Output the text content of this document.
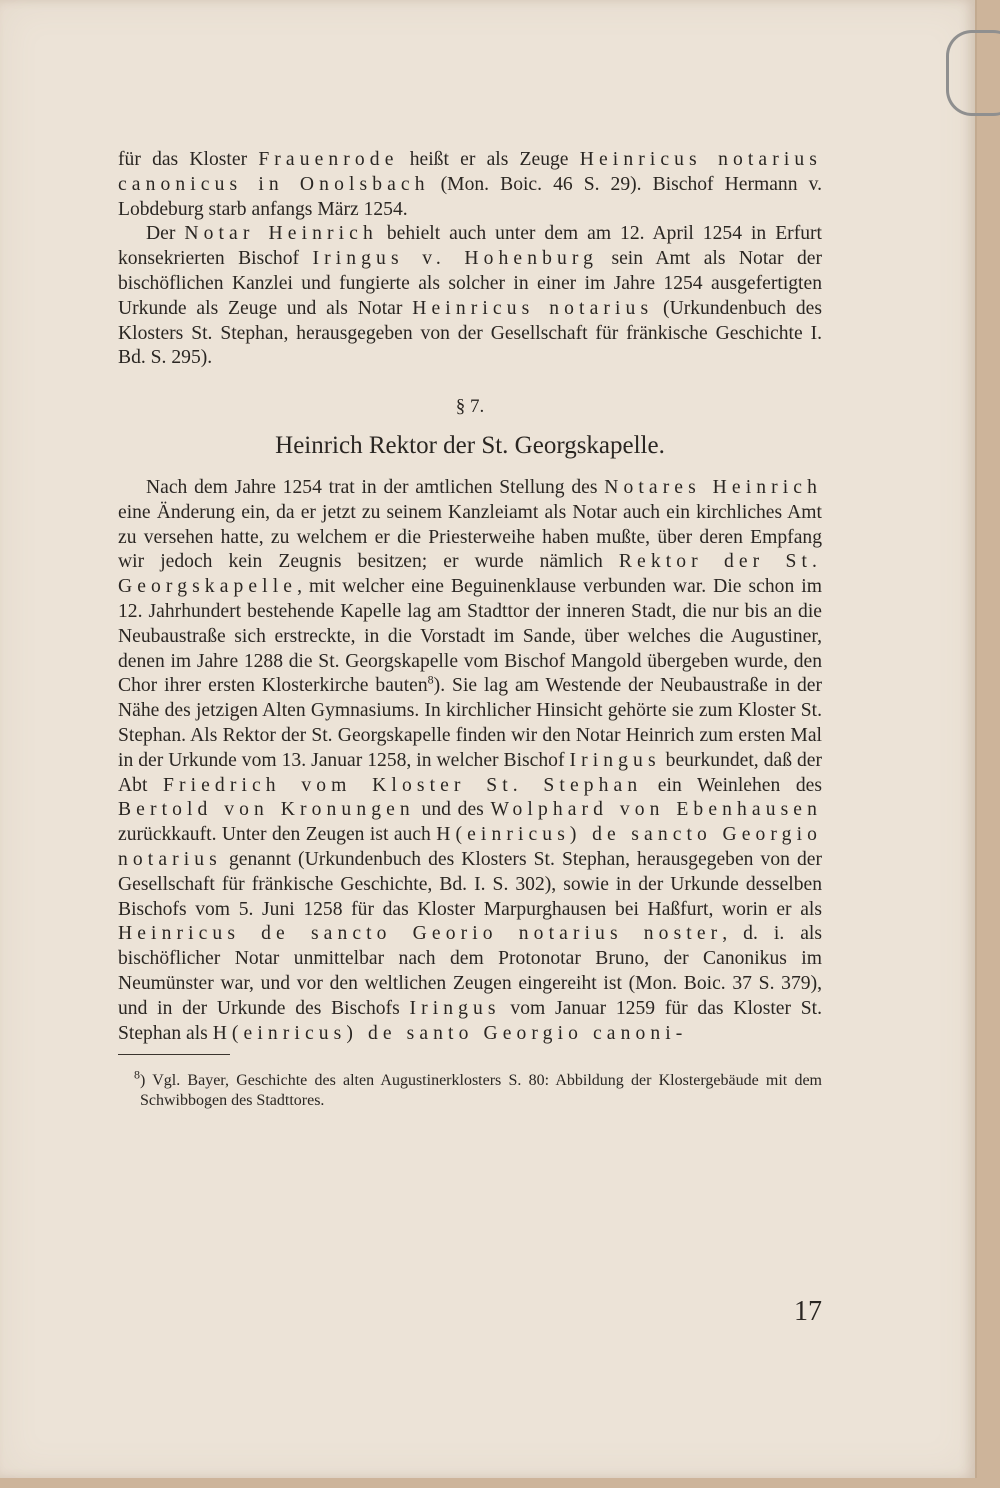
für das Kloster Frauenrode heißt er als Zeuge Heinricus notarius canonicus in Onolsbach (Mon. Boic. 46 S. 29). Bischof Hermann v. Lobdeburg starb anfangs März 1254.

Der Notar Heinrich behielt auch unter dem am 12. April 1254 in Erfurt konsekrierten Bischof Iringus v. Hohenburg sein Amt als Notar der bischöflichen Kanzlei und fungierte als solcher in einer im Jahre 1254 ausgefertigten Urkunde als Zeuge und als Notar Heinricus notarius (Urkundenbuch des Klosters St. Stephan, herausgegeben von der Gesellschaft für fränkische Geschichte I. Bd. S. 295).

§ 7.
Heinrich Rektor der St. Georgskapelle.

Nach dem Jahre 1254 trat in der amtlichen Stellung des Notares Heinrich eine Änderung ein, da er jetzt zu seinem Kanzleiamt als Notar auch ein kirchliches Amt zu versehen hatte, zu welchem er die Priesterweihe haben mußte, über deren Empfang wir jedoch kein Zeugnis besitzen; er wurde nämlich Rektor der St. Georgskapelle, mit welcher eine Beguinenklause verbunden war. Die schon im 12. Jahrhundert bestehende Kapelle lag am Stadttor der inneren Stadt, die nur bis an die Neubaustraße sich erstreckte, in die Vorstadt im Sande, über welches die Augustiner, denen im Jahre 1288 die St. Georgskapelle vom Bischof Mangold übergeben wurde, den Chor ihrer ersten Klosterkirche bauten$^8$). Sie lag am Westende der Neubaustraße in der Nähe des jetzigen Alten Gymnasiums. In kirchlicher Hinsicht gehörte sie zum Kloster St. Stephan. Als Rektor der St. Georgskapelle finden wir den Notar Heinrich zum ersten Mal in der Urkunde vom 13. Januar 1258, in welcher Bischof Iringus beurkundet, daß der Abt Friedrich vom Kloster St. Stephan ein Weinlehen des Bertold von Kronungen und des Wolphard von Ebenhausen zurückkauft. Unter den Zeugen ist auch H(einricus) de sancto Georgio notarius genannt (Urkundenbuch des Klosters St. Stephan, herausgegeben von der Gesellschaft für fränkische Geschichte, Bd. I. S. 302), sowie in der Urkunde desselben Bischofs vom 5. Juni 1258 für das Kloster Marpurghausen bei Haßfurt, worin er als Heinricus de sancto Georio notarius noster, d. i. als bischöflicher Notar unmittelbar nach dem Protonotar Bruno, der Canonikus im Neumünster war, und vor den weltlichen Zeugen eingereiht ist (Mon. Boic. 37 S. 379), und in der Urkunde des Bischofs Iringus vom Januar 1259 für das Kloster St. Stephan als H(einricus) de santo Georgio canoni-

$^8$) Vgl. Bayer, Geschichte des alten Augustinerklosters S. 80: Abbildung der Klostergebäude mit dem Schwibbogen des Stadttores.

17
